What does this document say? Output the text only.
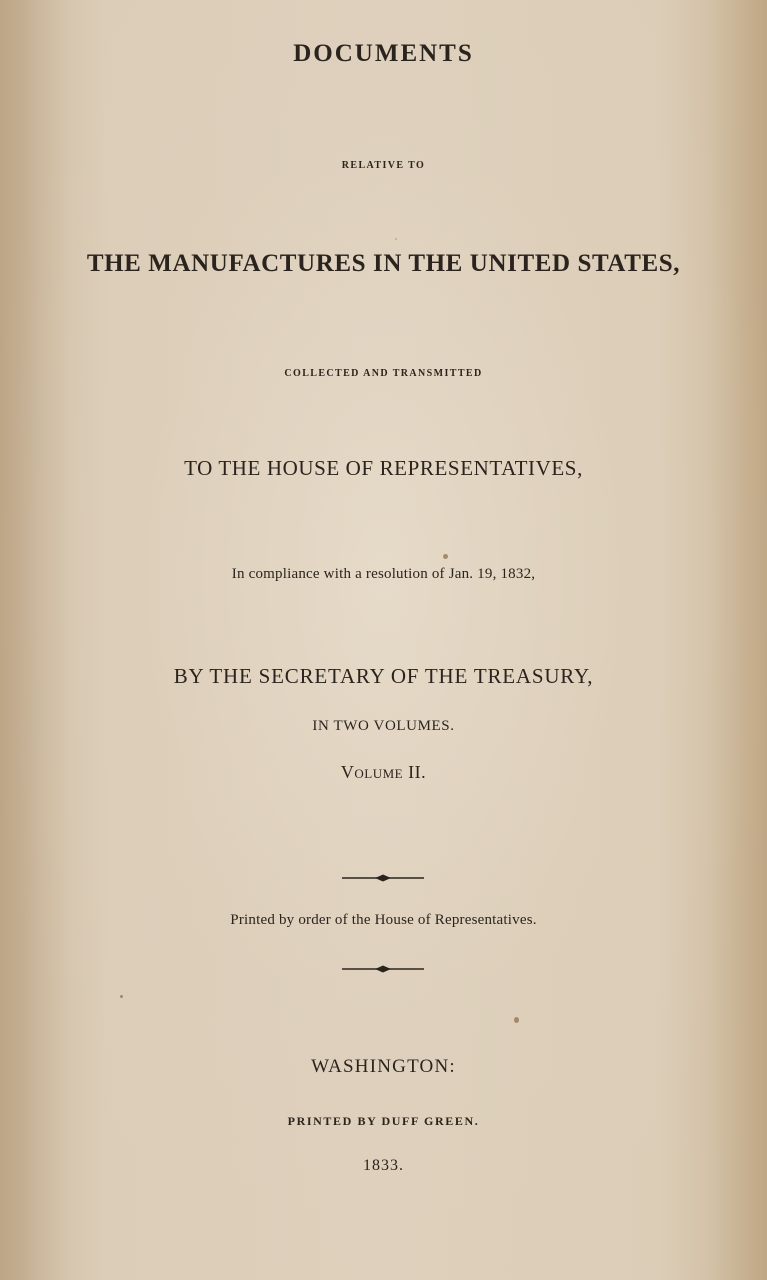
DOCUMENTS
RELATIVE TO
THE MANUFACTURES IN THE UNITED STATES,
COLLECTED AND TRANSMITTED
TO THE HOUSE OF REPRESENTATIVES,
In compliance with a resolution of Jan. 19, 1832,
BY THE SECRETARY OF THE TREASURY,
IN TWO VOLUMES.
Volume II.
Printed by order of the House of Representatives.
WASHINGTON:
PRINTED BY DUFF GREEN.
1833.
